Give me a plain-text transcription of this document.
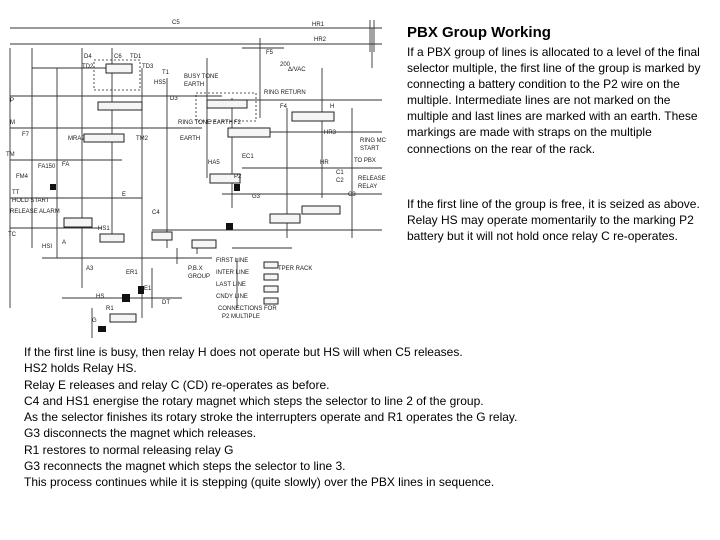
C5	HR1
HR2
D4	C6 TD1
TD2	TD3
F5
200
Δ/VAC
T1
BUSY TONE
EARTH
HS5
P
RING RETURN
M
F4
D3
H
RING TONE EARTH
F7
MRA2	TM2	EARTH
F2
HR3
RING MC
START
TM
HA5
EC1
FA
FA150
FM4
C1
C2
HR	TO PBX
TT
HOLD START
RELEASE ALARM
E	C3
RELAY
RELEASE
G3
C4
HS1
TC
HSI
A
A3	P.B.X
GROUP
FIRST LINE
INTER LINE
LAST LINE
CNDY LINE
TPER RACK
CONNECTIONS FOR
P2 MULTIPLE
HS
R1
ER1
E1
DT
G
P2
PBX Group Working

If a PBX group of lines is allocated to a level of the final selector multiple, the first line of the group is marked by connecting a battery condition to the P2 wire on the multiple. Intermediate lines are not marked on the multiple and last lines are marked with an earth. These markings are made with straps on the multiple connections on the rear of the rack.

If the first line of the group is free, it is seized as above. Relay HS may operate momentarily to the marking P2 battery but it will not hold once relay C re-operates.

If the first line is busy, then relay H does not operate but HS will when C5 releases.
HS2 holds Relay HS.
Relay E releases and relay C (CD) re-operates as before.
C4 and HS1 energise the rotary magnet which steps the selector to line 2 of the group.
As the selector finishes its rotary stroke the interrupters operate and R1 operates the G relay.
G3 disconnects the magnet which releases.
R1 restores to normal releasing relay G
G3 reconnects the magnet which steps the selector to line 3.
This process continues while it is stepping (quite slowly) over the PBX lines in sequence.
